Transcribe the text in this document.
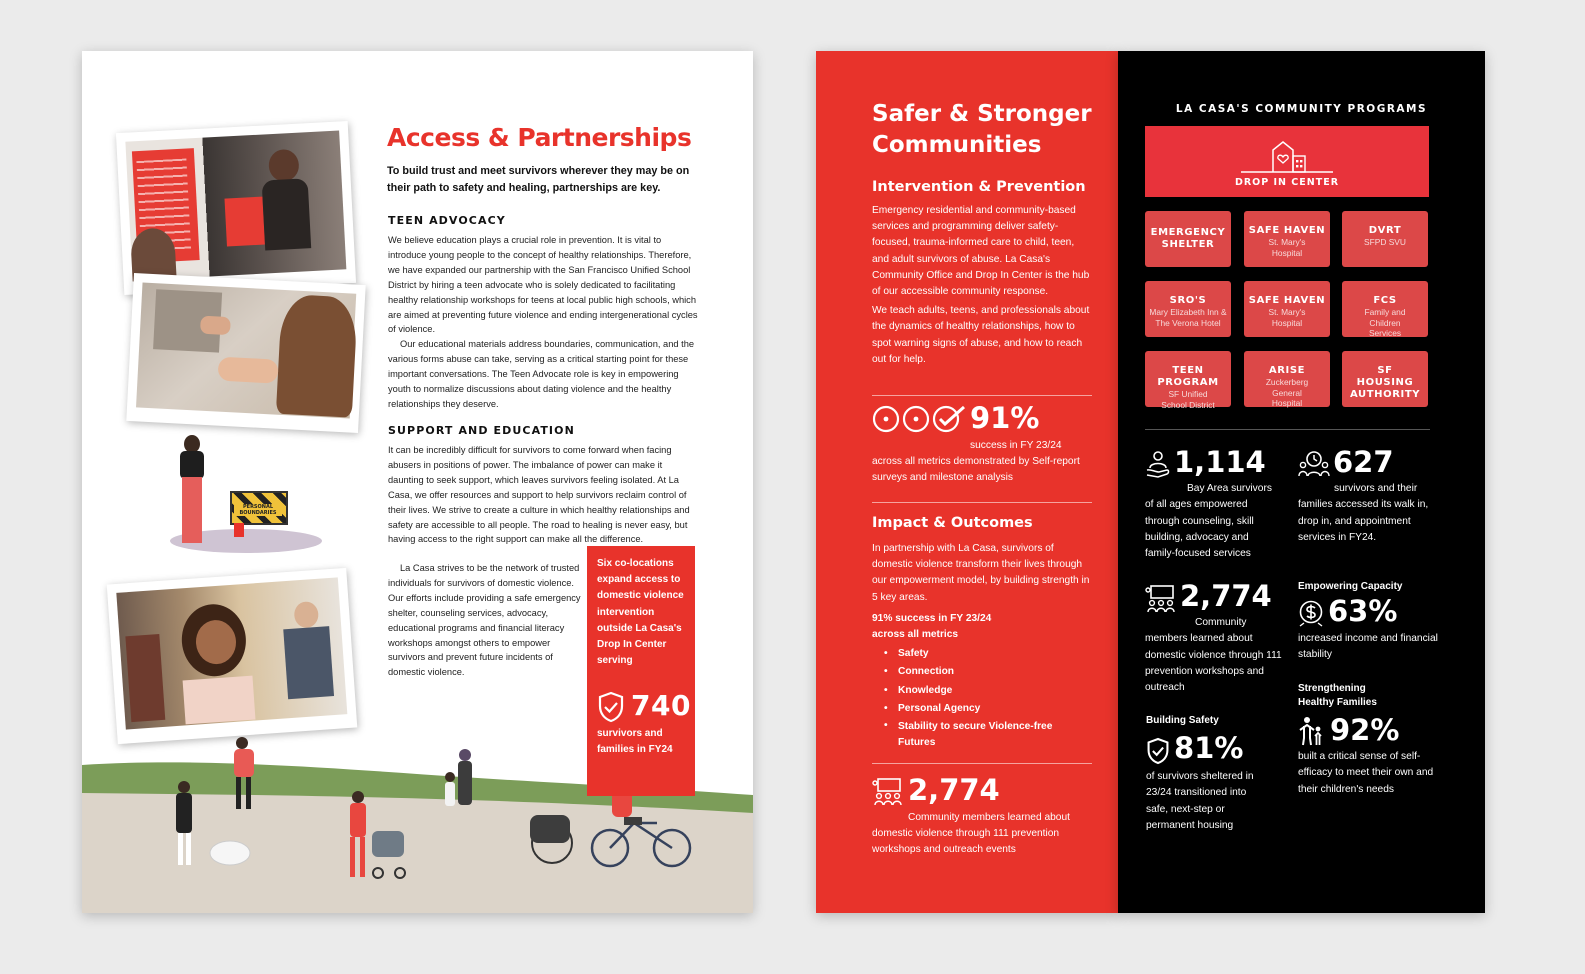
PERSONAL BOUNDARIES
Access & Partnerships
To build trust and meet survivors wherever they may be on their path to safety and healing, partnerships are key.
TEEN ADVOCACY

We believe education plays a crucial role in prevention. It is vital to introduce young people to the concept of healthy relationships. Therefore, we have expanded our partnership with the San Francisco Unified School District by hiring a teen advocate who is solely dedicated to facilitating healthy relationship workshops for teens at local public high schools, which are aimed at preventing future violence and ending intergenerational cycles of violence.

Our educational materials address boundaries, communication, and the various forms abuse can take, serving as a critical starting point for these important conversations. The Teen Advocate role is key in empowering youth to normalize discussions about dating violence and the healthy relationships they deserve.

SUPPORT AND EDUCATION
It can be incredibly difficult for survivors to come forward when facing abusers in positions of power. The imbalance of power can make it daunting to seek support, which leaves survivors feeling isolated. At La Casa, we offer resources and support to help survivors reclaim control of their lives. We strive to create a culture in which healthy relationships and safety are accessible to all people. The road to healing is never easy, but having access to the right support can make all the difference.
La Casa strives to be the network of trusted individuals for survivors of domestic violence. Our efforts include providing a safe emergency shelter, counseling services, advocacy, educational programs and financial literacy workshops amongst others to empower survivors and prevent future incidents of domestic violence.
Six co-locations expand access to domestic violence intervention outside La Casa's Drop In Center serving
740
survivors and families in FY24
Safer & Stronger Communities
Intervention & Prevention

Emergency residential and community-based services and programming deliver safety-focused, trauma-informed care to child, teen, and adult survivors of abuse. La Casa's Community Office and Drop In Center is the hub of our accessible community response.

We teach adults, teens, and professionals about the dynamics of healthy relationships, how to spot warning signs of abuse, and how to reach out for help.

91%
success in FY 23/24
across all metrics demonstrated by Self-report surveys and milestone analysis
Impact & Outcomes
In partnership with La Casa, survivors of domestic violence transform their lives through our empowerment model, by building strength in 5 key areas.
91% success in FY 23/24 across all metrics
• Safety
• Connection
• Knowledge
• Personal Agency
• Stability to secure Violence-free Futures
2,774
Community members learned about domestic violence through 111 prevention workshops and outreach events
LA CASA'S COMMUNITY PROGRAMS
DROP IN CENTER
EMERGENCY SHELTER
SAFE HAVEN
St. Mary's Hospital
DVRT
SFPD SVU
SRO'S
Mary Elizabeth Inn & The Verona Hotel
SAFE HAVEN
St. Mary's Hospital
FCS
Family and Children Services
TEEN PROGRAM
SF Unified School District
ARISE
Zuckerberg General Hospital
SF HOUSING AUTHORITY
1,114
Bay Area survivors of all ages empowered through counseling, skill building, advocacy and family-focused services
2,774
Community members learned about domestic violence through 111 prevention workshops and outreach
Building Safety
81%
of survivors sheltered in 23/24 transitioned into safe, next-step or permanent housing
627
survivors and their families accessed its walk in, drop in, and appointment services in FY24.
Empowering Capacity
63%
increased income and financial stability
Strengthening Healthy Families
92%
built a critical sense of self-efficacy to meet their own and their children's needs
